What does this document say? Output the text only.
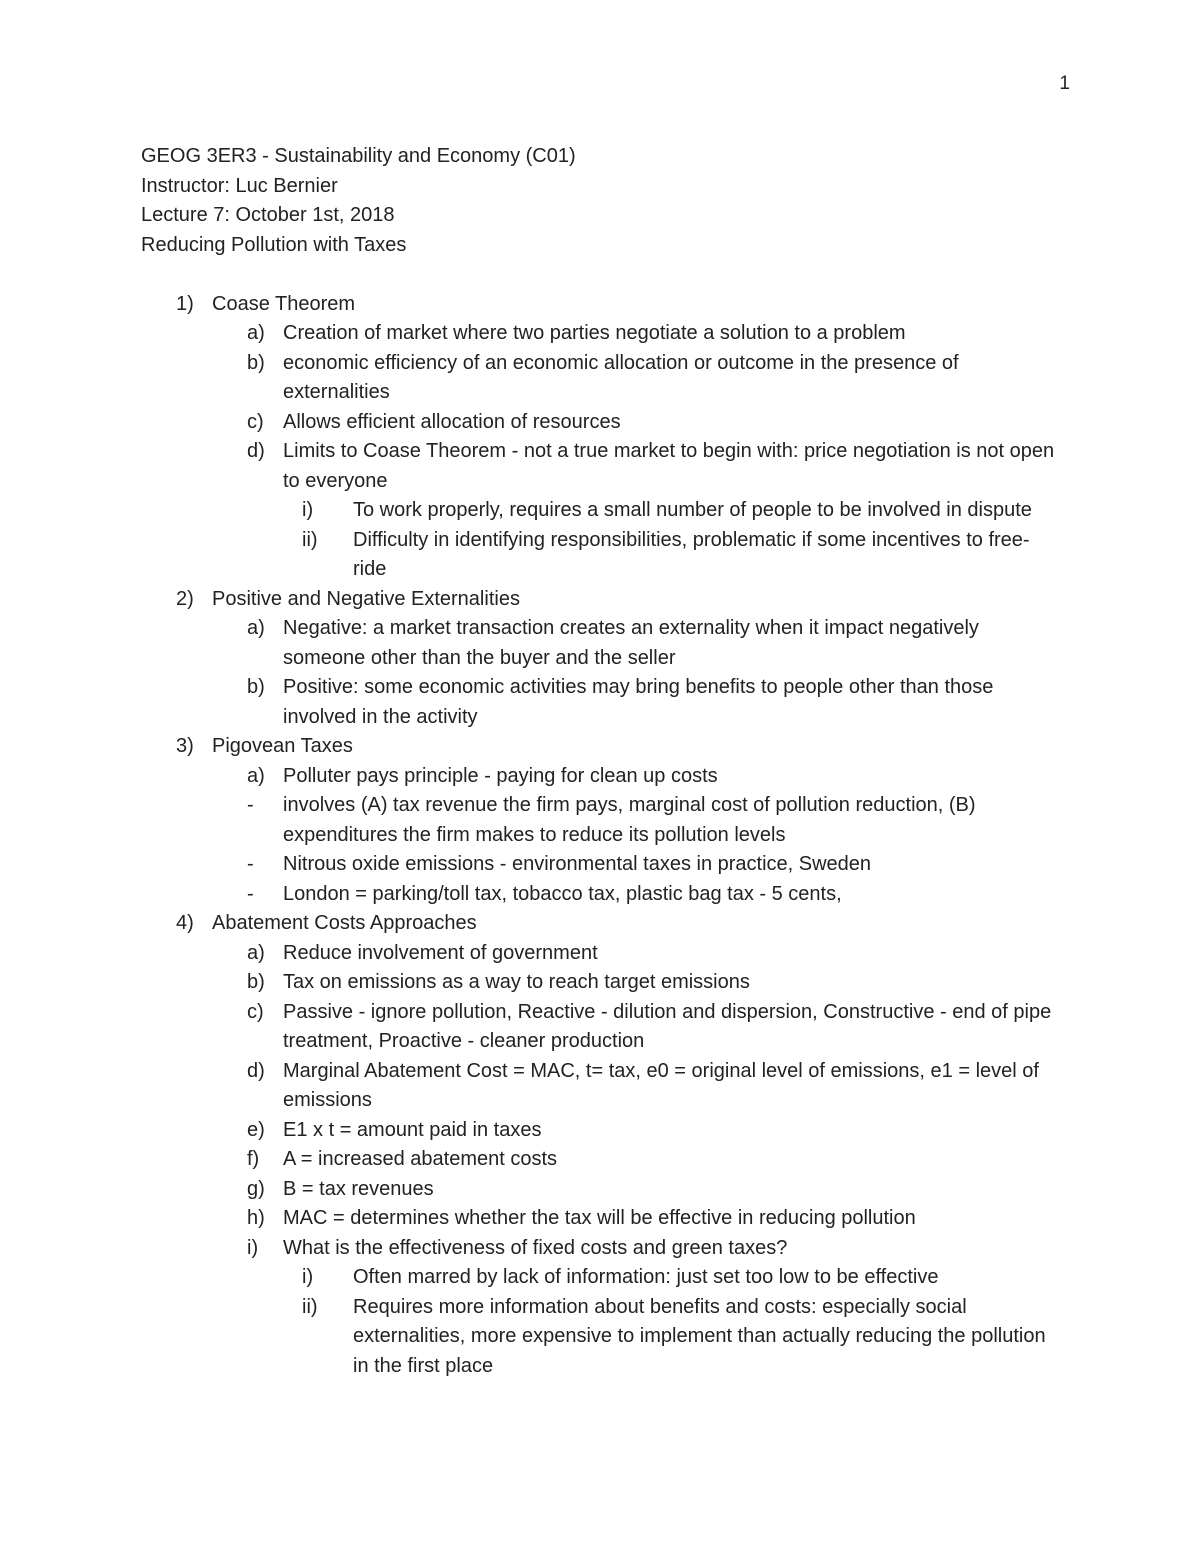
1
GEOG 3ER3 - Sustainability and Economy (C01)
Instructor: Luc Bernier
Lecture 7: October 1st, 2018
Reducing Pollution with Taxes
1) Coase Theorem
a) Creation of market where two parties negotiate a solution to a problem
b) economic efficiency of an economic allocation or outcome in the presence of externalities
c) Allows efficient allocation of resources
d) Limits to Coase Theorem - not a true market to begin with: price negotiation is not open to everyone
i) To work properly, requires a small number of people to be involved in dispute
ii) Difficulty in identifying responsibilities, problematic if some incentives to free-ride
2) Positive and Negative Externalities
a) Negative: a market transaction creates an externality when it impact negatively someone other than the buyer and the seller
b) Positive: some economic activities may bring benefits to people other than those involved in the activity
3) Pigovean Taxes
a) Polluter pays principle - paying for clean up costs
- involves (A) tax revenue the firm pays, marginal cost of pollution reduction, (B) expenditures the firm makes to reduce its pollution levels
- Nitrous oxide emissions - environmental taxes in practice, Sweden
- London = parking/toll tax, tobacco tax, plastic bag tax - 5 cents,
4) Abatement Costs Approaches
a) Reduce involvement of government
b) Tax on emissions as a way to reach target emissions
c) Passive - ignore pollution, Reactive - dilution and dispersion, Constructive - end of pipe treatment, Proactive - cleaner production
d) Marginal Abatement Cost = MAC, t= tax, e0 = original level of emissions, e1 = level of emissions
e) E1 x t = amount paid in taxes
f) A = increased abatement costs
g) B = tax revenues
h) MAC = determines whether the tax will be effective in reducing pollution
i) What is the effectiveness of fixed costs and green taxes?
i) Often marred by lack of information: just set too low to be effective
ii) Requires more information about benefits and costs: especially social externalities, more expensive to implement than actually reducing the pollution in the first place
